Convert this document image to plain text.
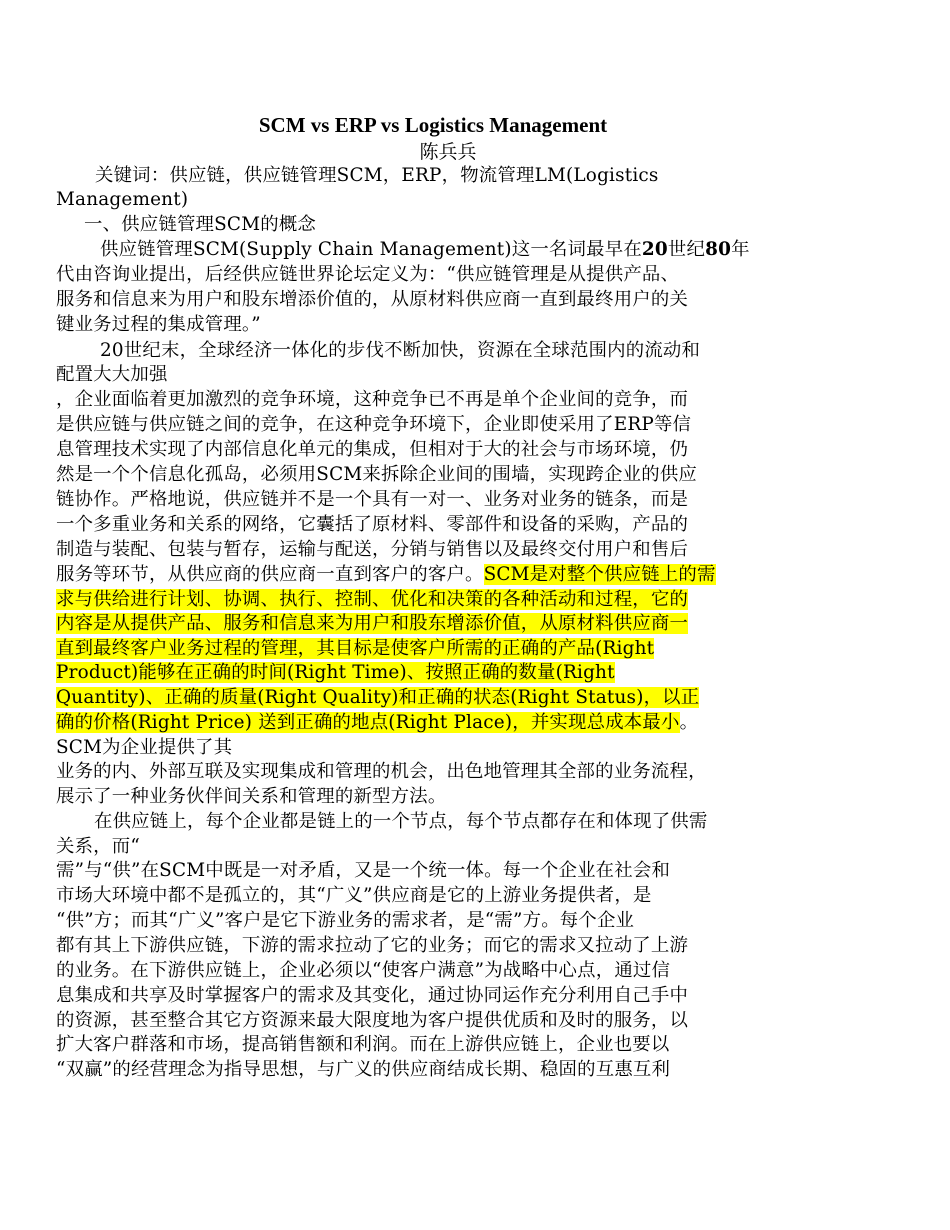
SCM vs ERP vs Logistics Management
陈兵兵
关键词：供应链，供应链管理SCM，ERP，物流管理LM(Logistics
Management)
一、供应链管理SCM的概念
供应链管理SCM(Supply Chain Management)这一名词最早在20世纪80年
代由咨询业提出，后经供应链世界论坛定义为：“供应链管理是从提供产品、
服务和信息来为用户和股东增添价值的，从原材料供应商一直到最终用户的关
键业务过程的集成管理。”
20世纪末，全球经济一体化的步伐不断加快，资源在全球范围内的流动和
配置大大加强
，企业面临着更加激烈的竞争环境，这种竞争已不再是单个企业间的竞争，而
是供应链与供应链之间的竞争，在这种竞争环境下，企业即使采用了ERP等信
息管理技术实现了内部信息化单元的集成，但相对于大的社会与市场环境，仍
然是一个个信息化孤岛，必须用SCM来拆除企业间的围墙，实现跨企业的供应
链协作。严格地说，供应链并不是一个具有一对一、业务对业务的链条，而是
一个多重业务和关系的网络，它囊括了原材料、零部件和设备的采购，产品的
制造与装配、包装与暂存，运输与配送，分销与销售以及最终交付用户和售后
服务等环节，从供应商的供应商一直到客户的客户。SCM是对整个供应链上的需
求与供给进行计划、协调、执行、控制、优化和决策的各种活动和过程，它的
内容是从提供产品、服务和信息来为用户和股东增添价值，从原材料供应商一
直到最终客户业务过程的管理，其目标是使客户所需的正确的产品(Right
Product)能够在正确的时间(Right Time)、按照正确的数量(Right
Quantity)、正确的质量(Right Quality)和正确的状态(Right Status)，以正
确的价格(Right Price) 送到正确的地点(Right Place)，并实现总成本最小。
SCM为企业提供了其
业务的内、外部互联及实现集成和管理的机会，出色地管理其全部的业务流程，
展示了一种业务伙伴间关系和管理的新型方法。
在供应链上，每个企业都是链上的一个节点，每个节点都存在和体现了供需
关系，而“
需”与“供”在SCM中既是一对矛盾，又是一个统一体。每一个企业在社会和
市场大环境中都不是孤立的，其“广义”供应商是它的上游业务提供者，是
“供”方；而其“广义”客户是它下游业务的需求者，是“需”方。每个企业
都有其上下游供应链，下游的需求拉动了它的业务；而它的需求又拉动了上游
的业务。在下游供应链上，企业必须以“使客户满意”为战略中心点，通过信
息集成和共享及时掌握客户的需求及其变化，通过协同运作充分利用自己手中
的资源，甚至整合其它方资源来最大限度地为客户提供优质和及时的服务，以
扩大客户群落和市场，提高销售额和利润。而在上游供应链上，企业也要以
“双赢”的经营理念为指导思想，与广义的供应商结成长期、稳固的互惠互利
